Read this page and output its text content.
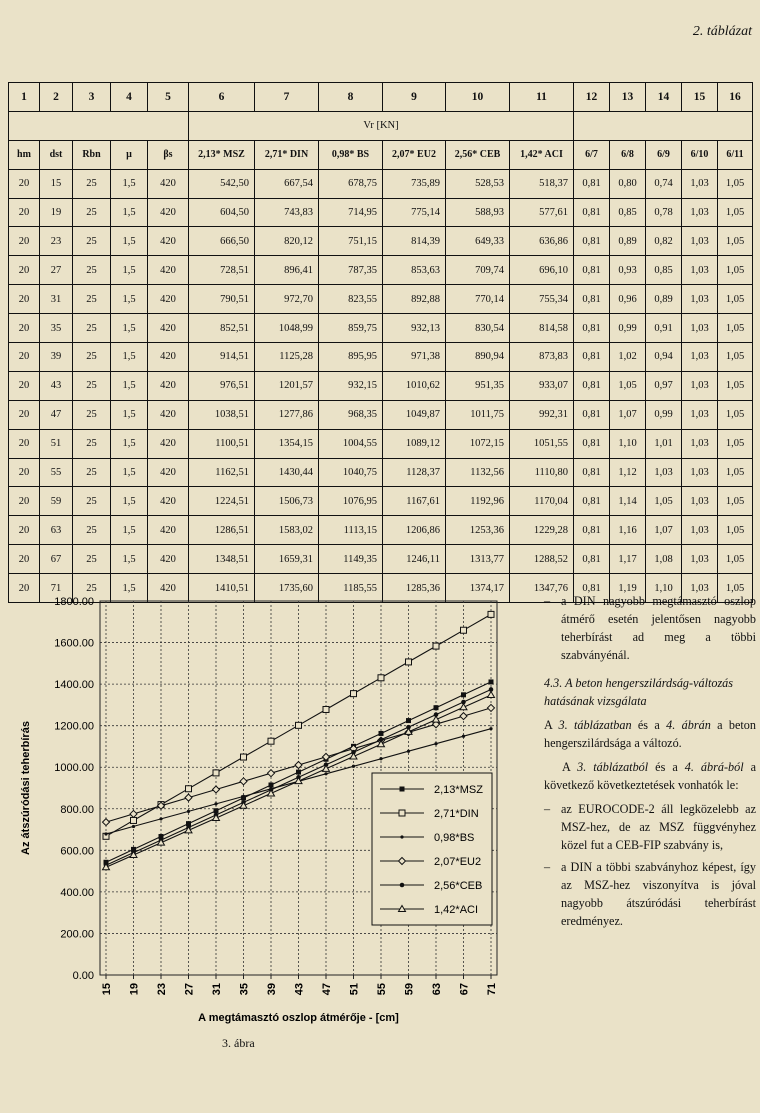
2. táblázat
1	2	3	4	5	6	7	8	9	10	11	12	13	14	15	16
					Vr [KN]										
hm	dst	Rbn	µ	βs	2,13* MSZ	2,71* DIN	0,98* BS	2,07* EU2	2,56* CEB	1,42* ACI	6/7	6/8	6/9	6/10	6/11
20	15	25	1,5	420	542,50	667,54	678,75	735,89	528,53	518,37	0,81	0,80	0,74	1,03	1,05
20	19	25	1,5	420	604,50	743,83	714,95	775,14	588,93	577,61	0,81	0,85	0,78	1,03	1,05
20	23	25	1,5	420	666,50	820,12	751,15	814,39	649,33	636,86	0,81	0,89	0,82	1,03	1,05
20	27	25	1,5	420	728,51	896,41	787,35	853,63	709,74	696,10	0,81	0,93	0,85	1,03	1,05
20	31	25	1,5	420	790,51	972,70	823,55	892,88	770,14	755,34	0,81	0,96	0,89	1,03	1,05
20	35	25	1,5	420	852,51	1048,99	859,75	932,13	830,54	814,58	0,81	0,99	0,91	1,03	1,05
20	39	25	1,5	420	914,51	1125,28	895,95	971,38	890,94	873,83	0,81	1,02	0,94	1,03	1,05
20	43	25	1,5	420	976,51	1201,57	932,15	1010,62	951,35	933,07	0,81	1,05	0,97	1,03	1,05
20	47	25	1,5	420	1038,51	1277,86	968,35	1049,87	1011,75	992,31	0,81	1,07	0,99	1,03	1,05
20	51	25	1,5	420	1100,51	1354,15	1004,55	1089,12	1072,15	1051,55	0,81	1,10	1,01	1,03	1,05
20	55	25	1,5	420	1162,51	1430,44	1040,75	1128,37	1132,56	1110,80	0,81	1,12	1,03	1,03	1,05
20	59	25	1,5	420	1224,51	1506,73	1076,95	1167,61	1192,96	1170,04	0,81	1,14	1,05	1,03	1,05
20	63	25	1,5	420	1286,51	1583,02	1113,15	1206,86	1253,36	1229,28	0,81	1,16	1,07	1,03	1,05
20	67	25	1,5	420	1348,51	1659,31	1149,35	1246,11	1313,77	1288,52	0,81	1,17	1,08	1,03	1,05
20	71	25	1,5	420	1410,51	1735,60	1185,55	1285,36	1374,17	1347,76	0,81	1,19	1,10	1,03	1,05
0.00
200.00
400.00
600.00
800.00
1000.00
1200.00
1400.00
1600.00
1800.00
15 19 23 27 31 35 39 43 47 51 55 59 63 67 71
A megtámasztó oszlop átmérője - [cm]
Az átszúródási teherbírás	2,13*MSZ
2,71*DIN
0,98*BS
2,07*EU2
2,56*CEB
1,42*ACI
3. ábra
– a DIN nagyobb megtámasztó oszlop átmérő esetén jelentősen nagyobb teherbírást ad meg a többi szabványénál.
4.3. A beton hengerszilárdság-változás hatásának vizsgálata

A 3. táblázatban és a 4. ábrán a beton hengerszilárdsága a változó.

A 3. táblázatból és a 4. ábrá-ból a következő következtetések vonhatók le:

– az EUROCODE-2 áll legközelebb az MSZ-hez, de az MSZ függvényhez közel fut a CEB-FIP szabvány is,
– a DIN a többi szabványhoz képest, így az MSZ-hez viszonyítva is jóval nagyobb átszúródási teherbírást eredményez.
